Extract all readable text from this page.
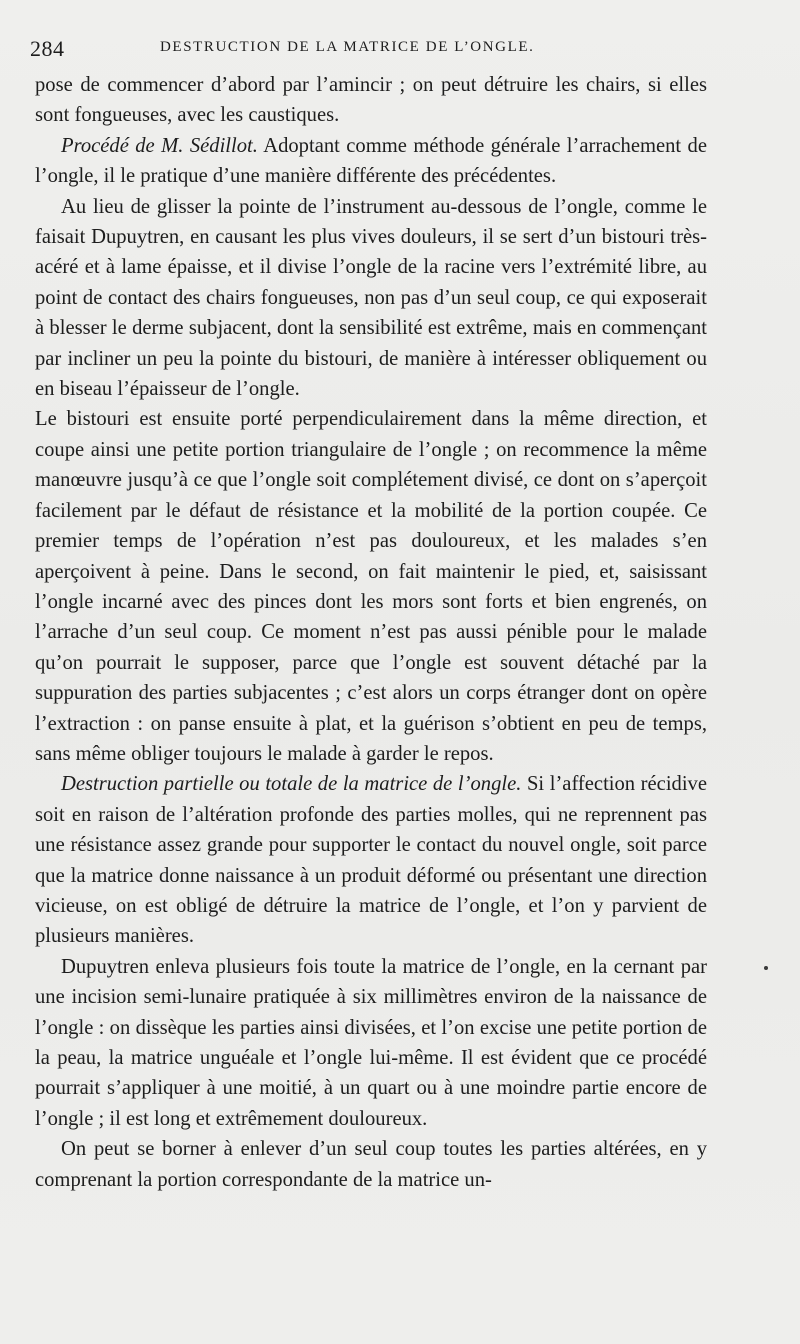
284	DESTRUCTION DE LA MATRICE DE L’ONGLE.

pose de commencer d’abord par l’amincir ; on peut détruire les chairs, si elles sont fongueuses, avec les caustiques.

Procédé de M. Sédillot. Adoptant comme méthode générale l’arrachement de l’ongle, il le pratique d’une manière différente des précédentes.

Au lieu de glisser la pointe de l’instrument au-dessous de l’ongle, comme le faisait Dupuytren, en causant les plus vives douleurs, il se sert d’un bistouri très-acéré et à lame épaisse, et il divise l’ongle de la racine vers l’extrémité libre, au point de contact des chairs fongueuses, non pas d’un seul coup, ce qui exposerait à blesser le derme subjacent, dont la sensibilité est extrême, mais en commençant par incliner un peu la pointe du bistouri, de manière à intéresser obliquement ou en biseau l’épaisseur de l’ongle.

Le bistouri est ensuite porté perpendiculairement dans la même direction, et coupe ainsi une petite portion triangulaire de l’ongle ; on recommence la même manœuvre jusqu’à ce que l’ongle soit complétement divisé, ce dont on s’aperçoit facilement par le défaut de résistance et la mobilité de la portion coupée. Ce premier temps de l’opération n’est pas douloureux, et les malades s’en aperçoivent à peine. Dans le second, on fait maintenir le pied, et, saisissant l’ongle incarné avec des pinces dont les mors sont forts et bien engrenés, on l’arrache d’un seul coup. Ce moment n’est pas aussi pénible pour le malade qu’on pourrait le supposer, parce que l’ongle est souvent détaché par la suppuration des parties subjacentes ; c’est alors un corps étranger dont on opère l’extraction : on panse ensuite à plat, et la guérison s’obtient en peu de temps, sans même obliger toujours le malade à garder le repos.

Destruction partielle ou totale de la matrice de l’ongle. Si l’affection récidive soit en raison de l’altération profonde des parties molles, qui ne reprennent pas une résistance assez grande pour supporter le contact du nouvel ongle, soit parce que la matrice donne naissance à un produit déformé ou présentant une direction vicieuse, on est obligé de détruire la matrice de l’ongle, et l’on y parvient de plusieurs manières.

Dupuytren enleva plusieurs fois toute la matrice de l’ongle, en la cernant par une incision semi-lunaire pratiquée à six millimètres environ de la naissance de l’ongle : on dissèque les parties ainsi divisées, et l’on excise une petite portion de la peau, la matrice unguéale et l’ongle lui-même. Il est évident que ce procédé pourrait s’appliquer à une moitié, à un quart ou à une moindre partie encore de l’ongle ; il est long et extrêmement douloureux.

On peut se borner à enlever d’un seul coup toutes les parties altérées, en y comprenant la portion correspondante de la matrice un-
